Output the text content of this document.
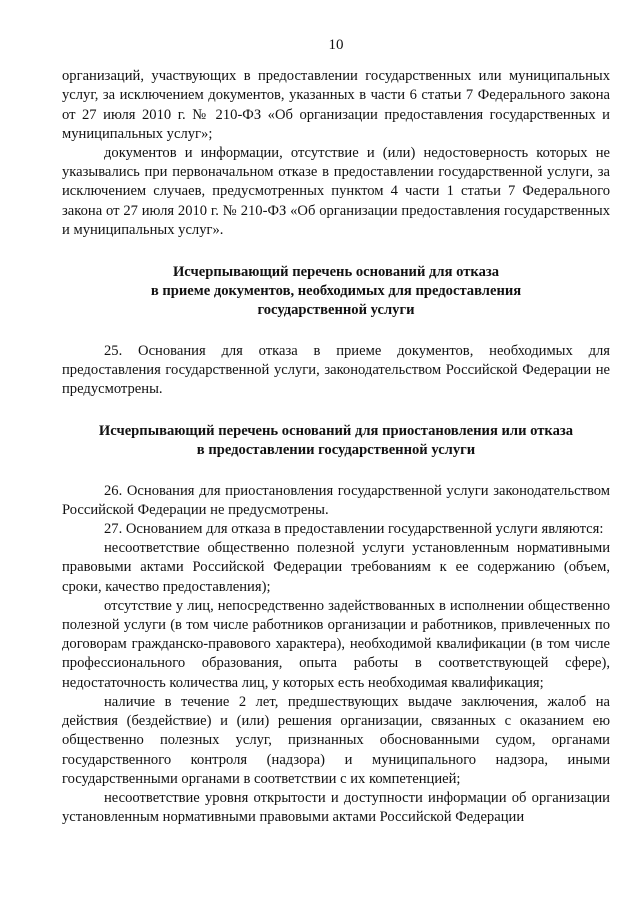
10

организаций, участвующих в предоставлении государственных или муниципальных услуг, за исключением документов, указанных в части 6 статьи 7 Федерального закона от 27 июля 2010 г. № 210-ФЗ «Об организации предоставления государственных и муниципальных услуг»;

документов и информации, отсутствие и (или) недостоверность которых не указывались при первоначальном отказе в предоставлении государственной услуги, за исключением случаев, предусмотренных пунктом 4 части 1 статьи 7 Федерального закона от 27 июля 2010 г. № 210-ФЗ «Об организации предоставления государственных и муниципальных услуг».

Исчерпывающий перечень оснований для отказа
в приеме документов, необходимых для предоставления
государственной услуги

25. Основания для отказа в приеме документов, необходимых для предоставления государственной услуги, законодательством Российской Федерации не предусмотрены.

Исчерпывающий перечень оснований для приостановления или отказа
в предоставлении государственной услуги

26. Основания для приостановления государственной услуги законодательством Российской Федерации не предусмотрены.

27. Основанием для отказа в предоставлении государственной услуги являются:

несоответствие общественно полезной услуги установленным нормативными правовыми актами Российской Федерации требованиям к ее содержанию (объем, сроки, качество предоставления);

отсутствие у лиц, непосредственно задействованных в исполнении общественно полезной услуги (в том числе работников организации и работников, привлеченных по договорам гражданско-правового характера), необходимой квалификации (в том числе профессионального образования, опыта работы в соответствующей сфере), недостаточность количества лиц, у которых есть необходимая квалификация;

наличие в течение 2 лет, предшествующих выдаче заключения, жалоб на действия (бездействие) и (или) решения организации, связанных с оказанием ею общественно полезных услуг, признанных обоснованными судом, органами государственного контроля (надзора) и муниципального надзора, иными государственными органами в соответствии с их компетенцией;

несоответствие уровня открытости и доступности информации об организации установленным нормативными правовыми актами Российской Федерации
